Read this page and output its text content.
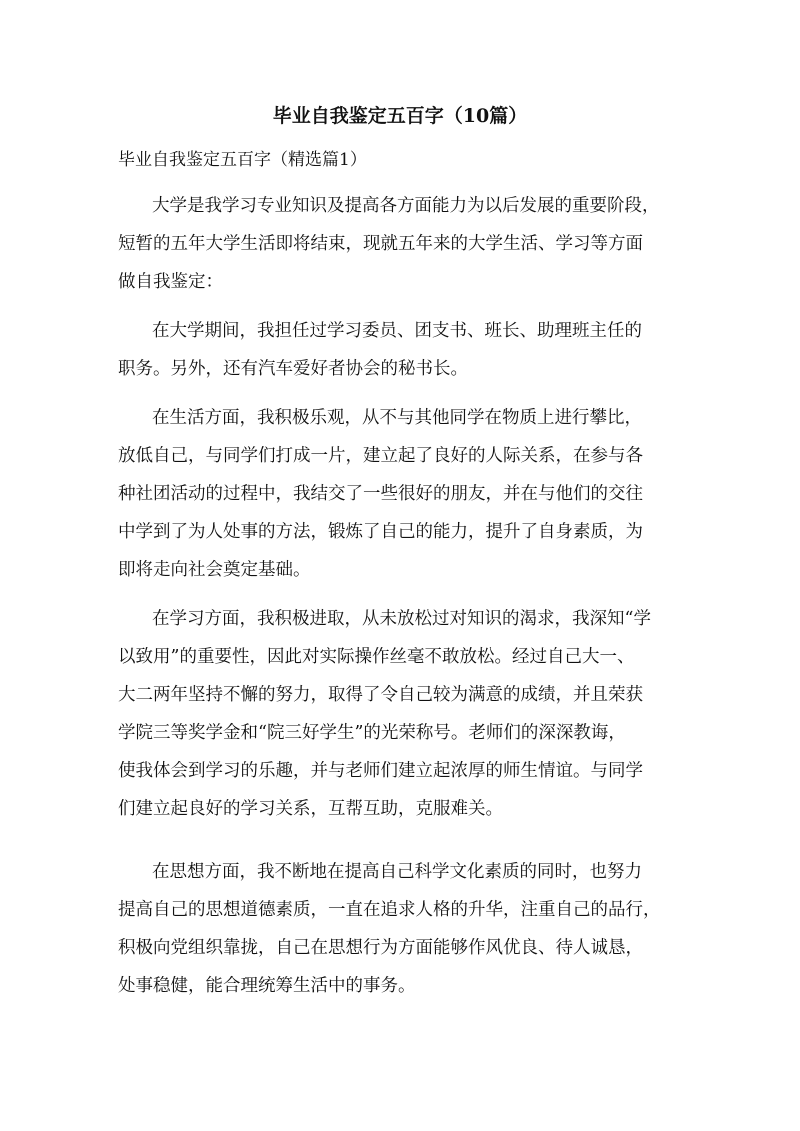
毕业自我鉴定五百字（10篇）

毕业自我鉴定五百字（精选篇1）

大学是我学习专业知识及提高各方面能力为以后发展的重要阶段，
短暂的五年大学生活即将结束，现就五年来的大学生活、学习等方面
做自我鉴定：

在大学期间，我担任过学习委员、团支书、班长、助理班主任的
职务。另外，还有汽车爱好者协会的秘书长。

在生活方面，我积极乐观，从不与其他同学在物质上进行攀比，
放低自己，与同学们打成一片，建立起了良好的人际关系，在参与各
种社团活动的过程中，我结交了一些很好的朋友，并在与他们的交往
中学到了为人处事的方法，锻炼了自己的能力，提升了自身素质，为
即将走向社会奠定基础。

在学习方面，我积极进取，从未放松过对知识的渴求，我深知“学
以致用”的重要性，因此对实际操作丝毫不敢放松。经过自己大一、
大二两年坚持不懈的努力，取得了令自己较为满意的成绩，并且荣获
学院三等奖学金和“院三好学生”的光荣称号。老师们的深深教诲，
使我体会到学习的乐趣，并与老师们建立起浓厚的师生情谊。与同学
们建立起良好的学习关系，互帮互助，克服难关。

在思想方面，我不断地在提高自己科学文化素质的同时，也努力
提高自己的思想道德素质，一直在追求人格的升华，注重自己的品行，
积极向党组织靠拢，自己在思想行为方面能够作风优良、待人诚恳，
处事稳健，能合理统筹生活中的事务。
